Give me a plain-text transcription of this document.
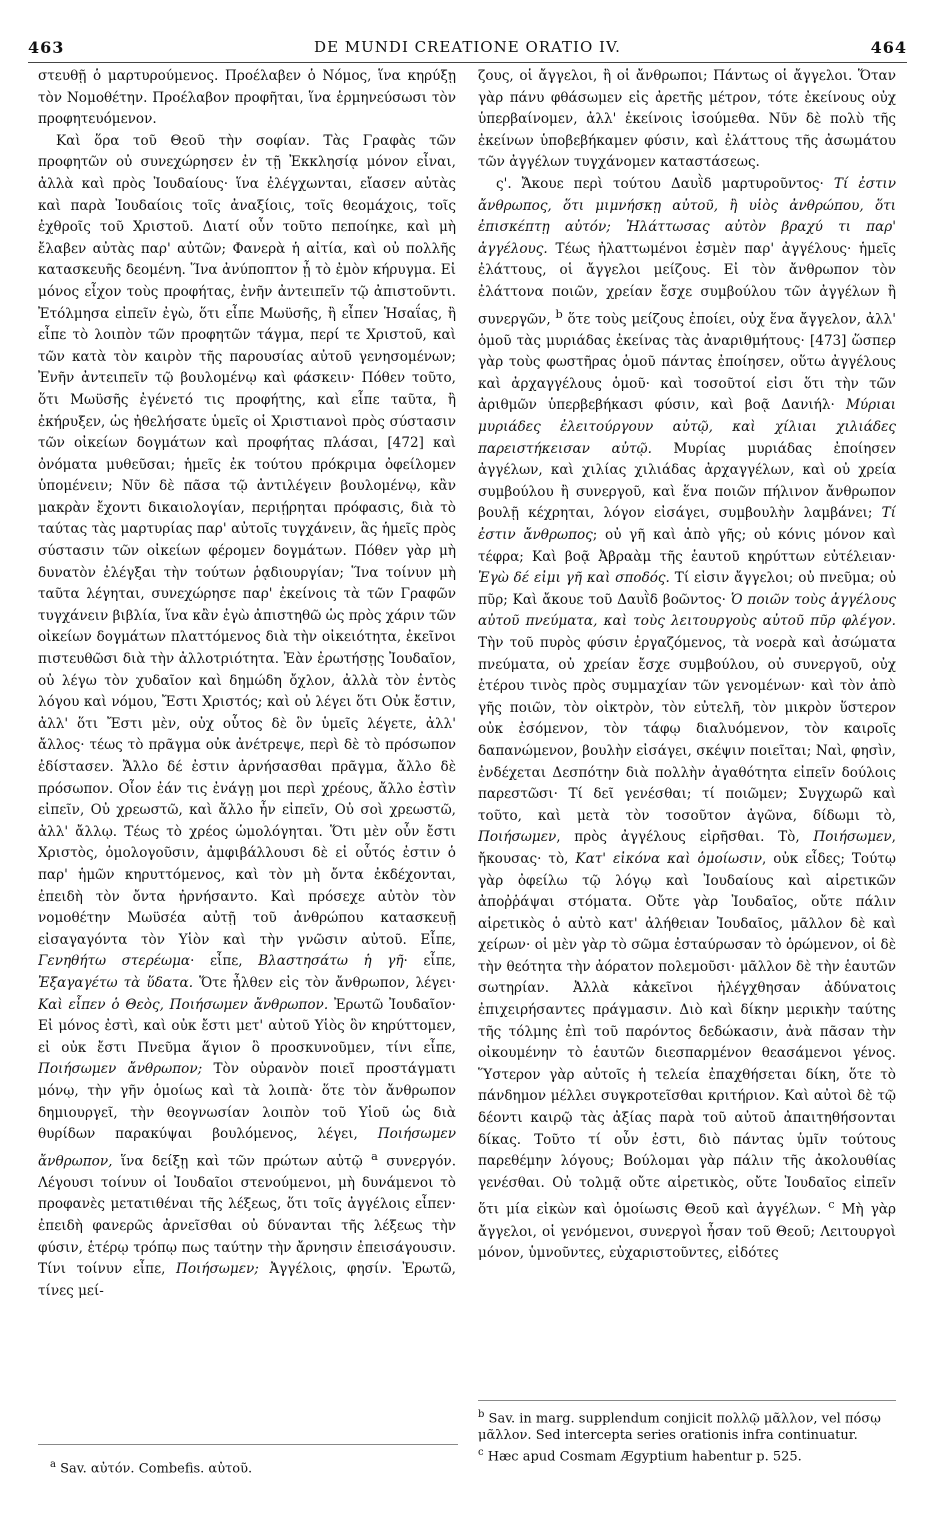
463	DE MUNDI CREATIONE ORATIO IV.	464

στευθῇ ὁ μαρτυρούμενος. Προέλαβεν ὁ Νόμος, ἵνα κηρύξῃ τὸν Νομοθέτην. Προέλαβον προφῆται, ἵνα ἑρμηνεύσωσι τὸν προφητευόμενον.

Καὶ ὅρα τοῦ Θεοῦ τὴν σοφίαν. Τὰς Γραφὰς τῶν προφητῶν οὐ συνεχώρησεν ἐν τῇ Ἐκκλησίᾳ μόνον εἶναι, ἀλλὰ καὶ πρὸς Ἰουδαίους· ἵνα ἐλέγχωνται, εἴασεν αὐτὰς καὶ παρὰ Ἰουδαίοις τοῖς ἀναξίοις, τοῖς θεομάχοις, τοῖς ἐχθροῖς τοῦ Χριστοῦ. Διατί οὖν τοῦτο πεποίηκε, καὶ μὴ ἔλαβεν αὐτὰς παρ' αὐτῶν; Φανερὰ ἡ αἰτία, καὶ οὐ πολλῆς κατασκευῆς δεομένη. Ἵνα ἀνύποπτον ᾖ τὸ ἐμὸν κήρυγμα. Εἰ μόνος εἶχον τοὺς προφήτας, ἐνῆν ἀντειπεῖν τῷ ἀπιστοῦντι. Ἐτόλμησα εἰπεῖν ἐγὼ, ὅτι εἶπε Μωϋσῆς, ἢ εἶπεν Ἡσαΐας, ἢ εἶπε τὸ λοιπὸν τῶν προφητῶν τάγμα, περί τε Χριστοῦ, καὶ τῶν κατὰ τὸν καιρὸν τῆς παρουσίας αὐτοῦ γενησομένων; Ἐνῆν ἀντειπεῖν τῷ βουλομένῳ καὶ φάσκειν· Πόθεν τοῦτο, ὅτι Μωϋσῆς ἐγένετό τις προφήτης, καὶ εἶπε ταῦτα, ἢ ἐκήρυξεν, ὡς ἠθελήσατε ὑμεῖς οἱ Χριστιανοὶ πρὸς σύστασιν τῶν οἰκείων δογμάτων καὶ προφήτας πλάσαι, [472] καὶ ὀνόματα μυθεῦσαι; ἡμεῖς ἐκ τούτου πρόκριμα ὀφείλομεν ὑπομένειν; Νῦν δὲ πᾶσα τῷ ἀντιλέγειν βουλομένῳ, κἂν μακρὰν ἔχοντι δικαιολογίαν, περιῄρηται πρόφασις, διὰ τὸ ταύτας τὰς μαρτυρίας παρ' αὐτοῖς τυγχάνειν, ἃς ἡμεῖς πρὸς σύστασιν τῶν οἰκείων φέρομεν δογμάτων. Πόθεν γὰρ μὴ δυνατὸν ἐλέγξαι τὴν τούτων ῥᾳδιουργίαν; Ἵνα τοίνυν μὴ ταῦτα λέγηται, συνεχώρησε παρ' ἐκείνοις τὰ τῶν Γραφῶν τυγχάνειν βιβλία, ἵνα κἂν ἐγὼ ἀπιστηθῶ ὡς πρὸς χάριν τῶν οἰκείων δογμάτων πλαττόμενος διὰ τὴν οἰκειότητα, ἐκεῖνοι πιστευθῶσι διὰ τὴν ἀλλοτριότητα. Ἐὰν ἐρωτήσῃς Ἰουδαῖον, οὐ λέγω τὸν χυδαῖον καὶ δημώδη ὄχλον, ἀλλὰ τὸν ἐντὸς λόγου καὶ νόμου, Ἔστι Χριστός; καὶ οὐ λέγει ὅτι Οὐκ ἔστιν, ἀλλ' ὅτι Ἔστι μὲν, οὐχ οὗτος δὲ ὃν ὑμεῖς λέγετε, ἀλλ' ἄλλος· τέως τὸ πρᾶγμα οὐκ ἀνέτρεψε, περὶ δὲ τὸ πρόσωπον ἐδίστασεν. Ἄλλο δέ ἐστιν ἀρνήσασθαι πρᾶγμα, ἄλλο δὲ πρόσωπον. Οἷον ἐάν τις ἐνάγῃ μοι περὶ χρέους, ἄλλο ἐστὶν εἰπεῖν, Οὐ χρεωστῶ, καὶ ἄλλο ἦν εἰπεῖν, Οὐ σοὶ χρεωστῶ, ἀλλ' ἄλλῳ. Τέως τὸ χρέος ὡμολόγηται. Ὅτι μὲν οὖν ἔστι Χριστὸς, ὁμολογοῦσιν, ἀμφιβάλλουσι δὲ εἰ οὗτός ἐστιν ὁ παρ' ἡμῶν κηρυττόμενος, καὶ τὸν μὴ ὄντα ἐκδέχονται, ἐπειδὴ τὸν ὄντα ἠρνήσαντο. Καὶ πρόσεχε αὐτὸν τὸν νομοθέτην Μωϋσέα αὐτῇ τοῦ ἀνθρώπου κατασκευῇ εἰσαγαγόντα τὸν Υἱὸν καὶ τὴν γνῶσιν αὐτοῦ. Εἶπε, Γενηθήτω στερέωμα· εἶπε, Βλαστησάτω ἡ γῆ· εἶπε, Ἐξαγαγέτω τὰ ὕδατα. Ὅτε ἦλθεν εἰς τὸν ἄνθρωπον, λέγει· Καὶ εἶπεν ὁ Θεὸς, Ποιήσωμεν ἄνθρωπον. Ἐρωτῶ Ἰουδαῖον· Εἰ μόνος ἐστὶ, καὶ οὐκ ἔστι μετ' αὐτοῦ Υἱὸς ὃν κηρύττομεν, εἰ οὐκ ἔστι Πνεῦμα ἅγιον ὃ προσκυνοῦμεν, τίνι εἶπε, Ποιήσωμεν ἄνθρωπον; Τὸν οὐρανὸν ποιεῖ προστάγματι μόνῳ, τὴν γῆν ὁμοίως καὶ τὰ λοιπὰ· ὅτε τὸν ἄνθρωπον δημιουργεῖ, τὴν θεογνωσίαν λοιπὸν τοῦ Υἱοῦ ὡς διὰ θυρίδων παρακύψαι βουλόμενος, λέγει, Ποιήσωμεν ἄνθρωπον, ἵνα δείξῃ καὶ τῶν πρώτων αὐτῷ $^a$ συνεργόν. Λέγουσι τοίνυν οἱ Ἰουδαῖοι στενούμενοι, μὴ δυνάμενοι τὸ προφανὲς μετατιθέναι τῆς λέξεως, ὅτι τοῖς ἀγγέλοις εἶπεν· ἐπειδὴ φανερῶς ἀρνεῖσθαι οὐ δύνανται τῆς λέξεως τὴν φύσιν, ἑτέρῳ τρόπῳ πως ταύτην τὴν ἄρνησιν ἐπεισάγουσιν. Τίνι τοίνυν εἶπε, Ποιήσωμεν; Ἀγγέλοις, φησίν. Ἐρωτῶ, τίνες μεί-

ζους, οἱ ἄγγελοι, ἢ οἱ ἄνθρωποι; Πάντως οἱ ἄγγελοι. Ὅταν γὰρ πάνυ φθάσωμεν εἰς ἀρετῆς μέτρον, τότε ἐκείνους οὐχ ὑπερβαίνομεν, ἀλλ' ἐκείνοις ἰσούμεθα. Νῦν δὲ πολὺ τῆς ἐκείνων ὑποβεβήκαμεν φύσιν, καὶ ἐλάττους τῆς ἀσωμάτου τῶν ἀγγέλων τυγχάνομεν καταστάσεως.

ς'. Ἄκουε περὶ τούτου Δαυῒδ μαρτυροῦντος· Τί ἐστιν ἄνθρωπος, ὅτι μιμνήσκῃ αὐτοῦ, ἢ υἱὸς ἀνθρώπου, ὅτι ἐπισκέπτῃ αὐτόν; Ἠλάττωσας αὐτὸν βραχύ τι παρ' ἀγγέλους. Τέως ἠλαττωμένοι ἐσμὲν παρ' ἀγγέλους· ἡμεῖς ἐλάττους, οἱ ἄγγελοι μείζους. Εἰ τὸν ἄνθρωπον τὸν ἐλάττονα ποιῶν, χρείαν ἔσχε συμβούλου τῶν ἀγγέλων ἢ συνεργῶν, $^b$ ὅτε τοὺς μείζους ἐποίει, οὐχ ἕνα ἄγγελον, ἀλλ' ὁμοῦ τὰς μυριάδας ἐκείνας τὰς ἀναριθμήτους· [473] ὥσπερ γὰρ τοὺς φωστῆρας ὁμοῦ πάντας ἐποίησεν, οὕτω ἀγγέλους καὶ ἀρχαγγέλους ὁμοῦ· καὶ τοσοῦτοί εἰσι ὅτι τὴν τῶν ἀριθμῶν ὑπερβεβήκασι φύσιν, καὶ βοᾷ Δανιήλ· Μύριαι μυριάδες ἐλειτούργουν αὐτῷ, καὶ χίλιαι χιλιάδες παρειστήκεισαν αὐτῷ. Μυρίας μυριάδας ἐποίησεν ἀγγέλων, καὶ χιλίας χιλιάδας ἀρχαγγέλων, καὶ οὐ χρεία συμβούλου ἢ συνεργοῦ, καὶ ἕνα ποιῶν πήλινον ἄνθρωπον βουλῇ κέχρηται, λόγον εἰσάγει, συμβουλὴν λαμβάνει; Τί ἐστιν ἄνθρωπος; οὐ γῆ καὶ ἀπὸ γῆς; οὐ κόνις μόνον καὶ τέφρα; Καὶ βοᾷ Ἀβραὰμ τῆς ἑαυτοῦ κηρύττων εὐτέλειαν· Ἐγὼ δέ εἰμι γῆ καὶ σποδός. Τί εἰσιν ἄγγελοι; οὐ πνεῦμα; οὐ πῦρ; Καὶ ἄκουε τοῦ Δαυῒδ βοῶντος· Ὁ ποιῶν τοὺς ἀγγέλους αὐτοῦ πνεύματα, καὶ τοὺς λειτουργοὺς αὐτοῦ πῦρ φλέγον. Τὴν τοῦ πυρὸς φύσιν ἐργαζόμενος, τὰ νοερὰ καὶ ἀσώματα πνεύματα, οὐ χρείαν ἔσχε συμβούλου, οὐ συνεργοῦ, οὐχ ἑτέρου τινὸς πρὸς συμμαχίαν τῶν γενομένων· καὶ τὸν ἀπὸ γῆς ποιῶν, τὸν οἰκτρὸν, τὸν εὐτελῆ, τὸν μικρὸν ὕστερον οὐκ ἐσόμενον, τὸν τάφῳ διαλυόμενον, τὸν καιροῖς δαπανώμενον, βουλὴν εἰσάγει, σκέψιν ποιεῖται; Ναὶ, φησὶν, ἐνδέχεται Δεσπότην διὰ πολλὴν ἀγαθότητα εἰπεῖν δούλοις παρεστῶσι· Τί δεῖ γενέσθαι; τί ποιῶμεν; Συγχωρῶ καὶ τοῦτο, καὶ μετὰ τὸν τοσοῦτον ἀγῶνα, δίδωμι τὸ, Ποιήσωμεν, πρὸς ἀγγέλους εἰρῆσθαι. Τὸ, Ποιήσωμεν, ἤκουσας· τὸ, Κατ' εἰκόνα καὶ ὁμοίωσιν, οὐκ εἶδες; Τούτῳ γὰρ ὀφείλω τῷ λόγῳ καὶ Ἰουδαίους καὶ αἱρετικῶν ἀποῤῥάψαι στόματα. Οὔτε γὰρ Ἰουδαῖος, οὔτε πάλιν αἱρετικὸς ὁ αὐτὸ κατ' ἀλήθειαν Ἰουδαῖος, μᾶλλον δὲ καὶ χείρων· οἱ μὲν γὰρ τὸ σῶμα ἐσταύρωσαν τὸ ὁρώμενον, οἱ δὲ τὴν θεότητα τὴν ἀόρατον πολεμοῦσι· μᾶλλον δὲ τὴν ἑαυτῶν σωτηρίαν. Ἀλλὰ κἀκεῖνοι ἠλέγχθησαν ἀδύνατοις ἐπιχειρήσαντες πράγμασιν. Διὸ καὶ δίκην μερικὴν ταύτης τῆς τόλμης ἐπὶ τοῦ παρόντος δεδώκασιν, ἀνὰ πᾶσαν τὴν οἰκουμένην τὸ ἑαυτῶν διεσπαρμένον θεασάμενοι γένος. Ὕστερον γὰρ αὐτοῖς ἡ τελεία ἐπαχθήσεται δίκη, ὅτε τὸ πάνδημον μέλλει συγκροτεῖσθαι κριτήριον. Καὶ αὐτοὶ δὲ τῷ δέοντι καιρῷ τὰς ἀξίας παρὰ τοῦ αὐτοῦ ἀπαιτηθήσονται δίκας. Τοῦτο τί οὖν ἐστι, διὸ πάντας ὑμῖν τούτους παρεθέμην λόγους; Βούλομαι γὰρ πάλιν τῆς ἀκολουθίας γενέσθαι. Οὐ τολμᾷ οὔτε αἱρετικὸς, οὔτε Ἰουδαῖος εἰπεῖν ὅτι μία εἰκὼν καὶ ὁμοίωσις Θεοῦ καὶ ἀγγέλων. $^c$ Μὴ γὰρ ἄγγελοι, οἱ γενόμενοι, συνεργοὶ ἦσαν τοῦ Θεοῦ; Λειτουργοὶ μόνον, ὑμνοῦντες, εὐχαριστοῦντες, εἰδότες

$^b$ Sav. in marg. supplendum conjicit πολλῷ μᾶλλον, vel πόσῳ μᾶλλον. Sed intercepta series orationis infra continuatur.
$^c$ Hæc apud Cosmam Ægyptium habentur p. 525.
$^a$ Sav. αὐτόν. Combefis. αὐτοῦ.
